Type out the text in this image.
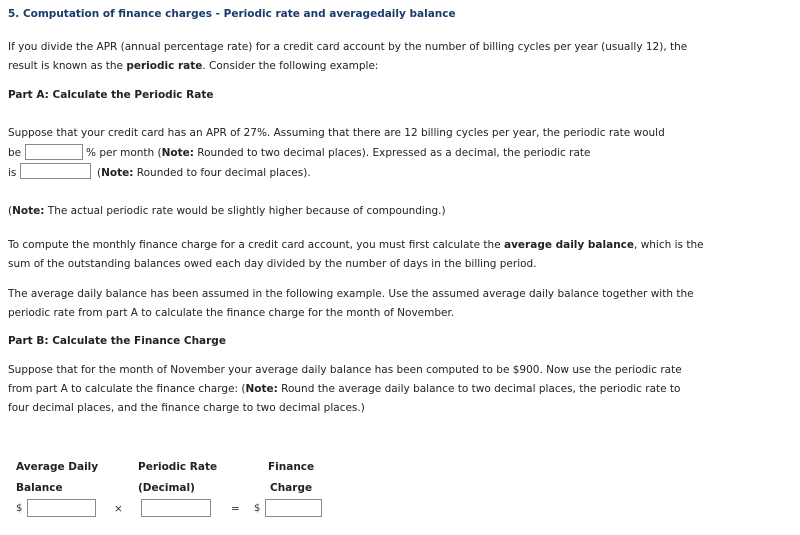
5. Computation of finance charges - Periodic rate and averagedaily balance
If you divide the APR (annual percentage rate) for a credit card account by the number of billing cycles per year (usually 12), the
result is known as the periodic rate. Consider the following example:
Part A: Calculate the Periodic Rate
Suppose that your credit card has an APR of 27%. Assuming that there are 12 billing cycles per year, the periodic rate would
be	% per month (Note: Rounded to two decimal places). Expressed as a decimal, the periodic rate
is	(Note: Rounded to four decimal places).
(Note: The actual periodic rate would be slightly higher because of compounding.)
To compute the monthly finance charge for a credit card account, you must first calculate the average daily balance, which is the
sum of the outstanding balances owed each day divided by the number of days in the billing period.
The average daily balance has been assumed in the following example. Use the assumed average daily balance together with the
periodic rate from part A to calculate the finance charge for the month of November.
Part B: Calculate the Finance Charge
Suppose that for the month of November your average daily balance has been computed to be $900. Now use the periodic rate
from part A to calculate the finance charge: (Note: Round the average daily balance to two decimal places, the periodic rate to
four decimal places, and the finance charge to two decimal places.)
Average Daily
Balance
Periodic Rate
(Decimal)
Finance
Charge
$	×	= $
